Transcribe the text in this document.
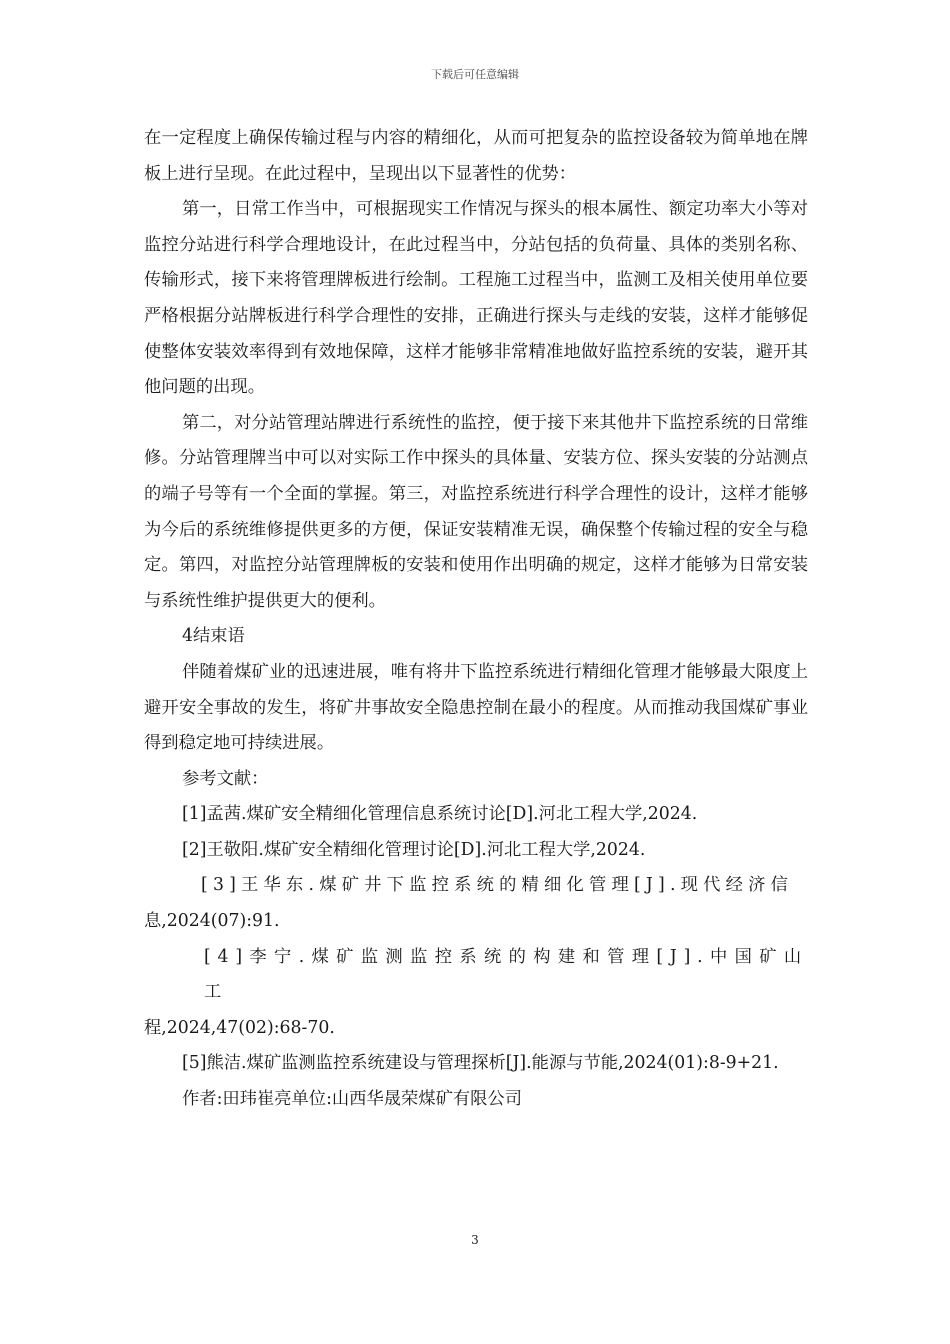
下载后可任意编辑

在一定程度上确保传输过程与内容的精细化，从而可把复杂的监控设备较为简单地在牌板上进行呈现。在此过程中，呈现出以下显著性的优势：

第一，日常工作当中，可根据现实工作情况与探头的根本属性、额定功率大小等对监控分站进行科学合理地设计，在此过程当中，分站包括的负荷量、具体的类别名称、传输形式，接下来将管理牌板进行绘制。工程施工过程当中，监测工及相关使用单位要严格根据分站牌板进行科学合理性的安排，正确进行探头与走线的安装，这样才能够促使整体安装效率得到有效地保障，这样才能够非常精准地做好监控系统的安装，避开其他问题的出现。

第二，对分站管理站牌进行系统性的监控，便于接下来其他井下监控系统的日常维修。分站管理牌当中可以对实际工作中探头的具体量、安装方位、探头安装的分站测点的端子号等有一个全面的掌握。第三，对监控系统进行科学合理性的设计，这样才能够为今后的系统维修提供更多的方便，保证安装精准无误，确保整个传输过程的安全与稳定。第四，对监控分站管理牌板的安装和使用作出明确的规定，这样才能够为日常安装与系统性维护提供更大的便利。

4结束语

伴随着煤矿业的迅速进展，唯有将井下监控系统进行精细化管理才能够最大限度上避开安全事故的发生，将矿井事故安全隐患控制在最小的程度。从而推动我国煤矿事业得到稳定地可持续进展。

参考文献：

[1]孟茜.煤矿安全精细化管理信息系统讨论[D].河北工程大学,2024.

[2]王敬阳.煤矿安全精细化管理讨论[D].河北工程大学,2024.

[3]王华东.煤矿井下监控系统的精细化管理[J].现代经济信
息,2024(07):91.

[4]李宁.煤矿监测监控系统的构建和管理[J].中国矿山工
程,2024,47(02):68-70.

[5]熊洁.煤矿监测监控系统建设与管理探析[J].能源与节能,2024(01):8-9+21.

作者:田玮崔亮单位:山西华晟荣煤矿有限公司

3
